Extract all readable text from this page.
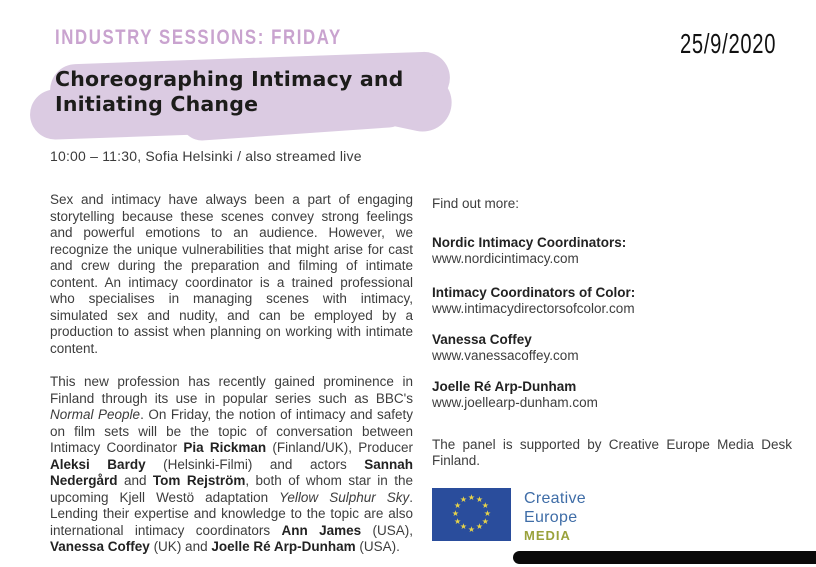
INDUSTRY SESSIONS: FRIDAY	25/9/2020
Choreographing Intimacy and
Initiating Change
10:00 – 11:30, Sofia Helsinki / also streamed live

Sex and intimacy have always been a part of engaging storytelling because these scenes convey strong feelings and powerful emotions to an audience. However, we recognize the unique vulnerabilities that might arise for cast and crew during the preparation and filming of intimate content. An intimacy coordinator is a trained professional who specialises in managing scenes with intimacy, simulated sex and nudity, and can be employed by a production to assist when planning on working with intimate content.

This new profession has recently gained prominence in Finland through its use in popular series such as BBC's Normal People. On Friday, the notion of intimacy and safety on film sets will be the topic of conversation between Intimacy Coordinator Pia Rickman (Finland/UK), Producer Aleksi Bardy (Helsinki-Filmi) and actors Sannah Nedergård and Tom Rejström, both of whom star in the upcoming Kjell Westö adaptation Yellow Sulphur Sky. Lending their expertise and knowledge to the topic are also international intimacy coordinators Ann James (USA), Vanessa Coffey (UK) and Joelle Ré Arp-Dunham (USA).

Find out more:
Nordic Intimacy Coordinators:
www.nordicintimacy.com
Intimacy Coordinators of Color:
www.intimacydirectorsofcolor.com
Vanessa Coffey
www.vanessacoffey.com
Joelle Ré Arp-Dunham
www.joellearp-dunham.com
The panel is supported by Creative Europe Media Desk Finland.
★ ★
★
★
★
★
★
★
★
★
★
★	Creative
Europe
MEDIA
